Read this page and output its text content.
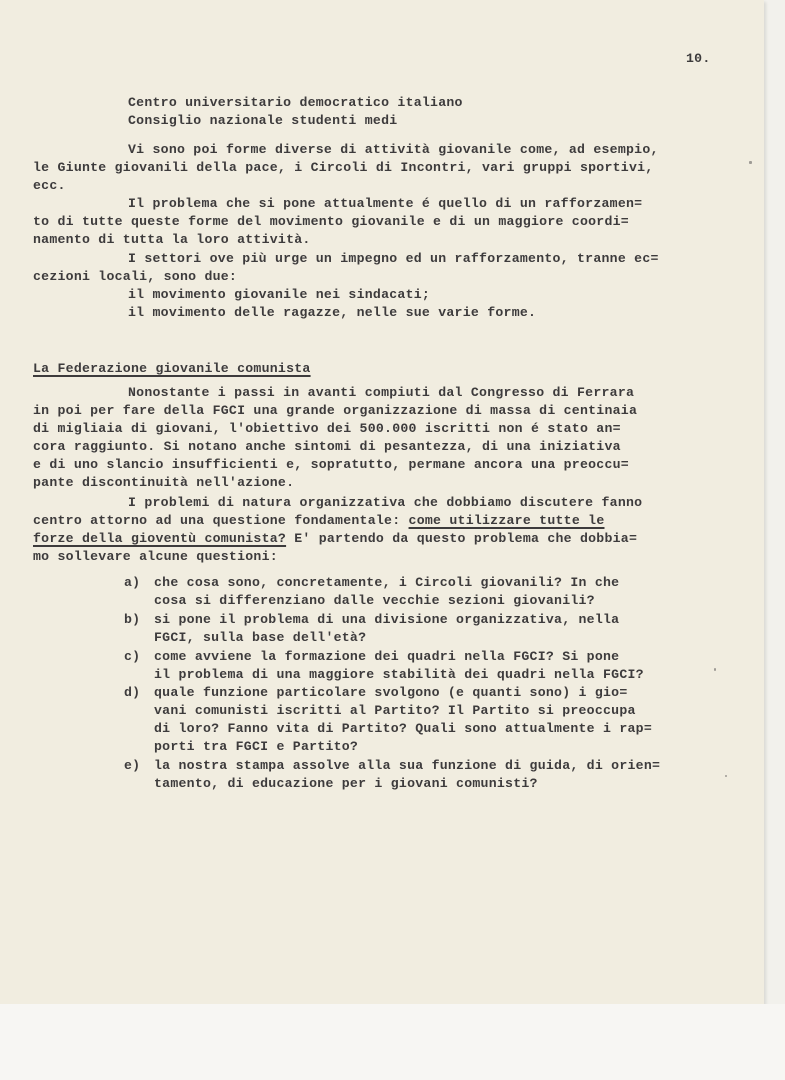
10.
Centro universitario democratico italiano
Consiglio nazionale studenti medi
Vi sono poi forme diverse di attività giovanile come, ad esempio,
le Giunte giovanili della pace, i Circoli di Incontri, vari gruppi sportivi,
ecc.
Il problema che si pone attualmente é quello di un rafforzamen=
to di tutte queste forme del movimento giovanile e di un maggiore coordi=
namento di tutta la loro attività.
I settori ove più urge un impegno ed un rafforzamento, tranne ec=
cezioni locali, sono due:
il movimento giovanile nei sindacati;
il movimento delle ragazze, nelle sue varie forme.
La Federazione giovanile comunista
Nonostante i passi in avanti compiuti dal Congresso di Ferrara
in poi per fare della FGCI una grande organizzazione di massa di centinaia
di migliaia di giovani, l'obiettivo dei 500.000 iscritti non é stato an=
cora raggiunto. Si notano anche sintomi di pesantezza, di una iniziativa
e di uno slancio insufficienti e, sopratutto, permane ancora una preoccu=
pante discontinuità nell'azione.
I problemi di natura organizzativa che dobbiamo discutere fanno
centro attorno ad una questione fondamentale: come utilizzare tutte le
forze della gioventù comunista? E' partendo da questo problema che dobbia=
mo sollevare alcune questioni:
a) che cosa sono, concretamente, i Circoli giovanili? In che
cosa si differenziano dalle vecchie sezioni giovanili?
b) si pone il problema di una divisione organizzativa, nella
FGCI, sulla base dell'età?
c) come avviene la formazione dei quadri nella FGCI? Si pone
il problema di una maggiore stabilità dei quadri nella FGCI?
d) quale funzione particolare svolgono (e quanti sono) i gio=
vani comunisti iscritti al Partito? Il Partito si preoccupa
di loro? Fanno vita di Partito? Quali sono attualmente i rap=
porti tra FGCI e Partito?
e) la nostra stampa assolve alla sua funzione di guida, di orien=
tamento, di educazione per i giovani comunisti?
